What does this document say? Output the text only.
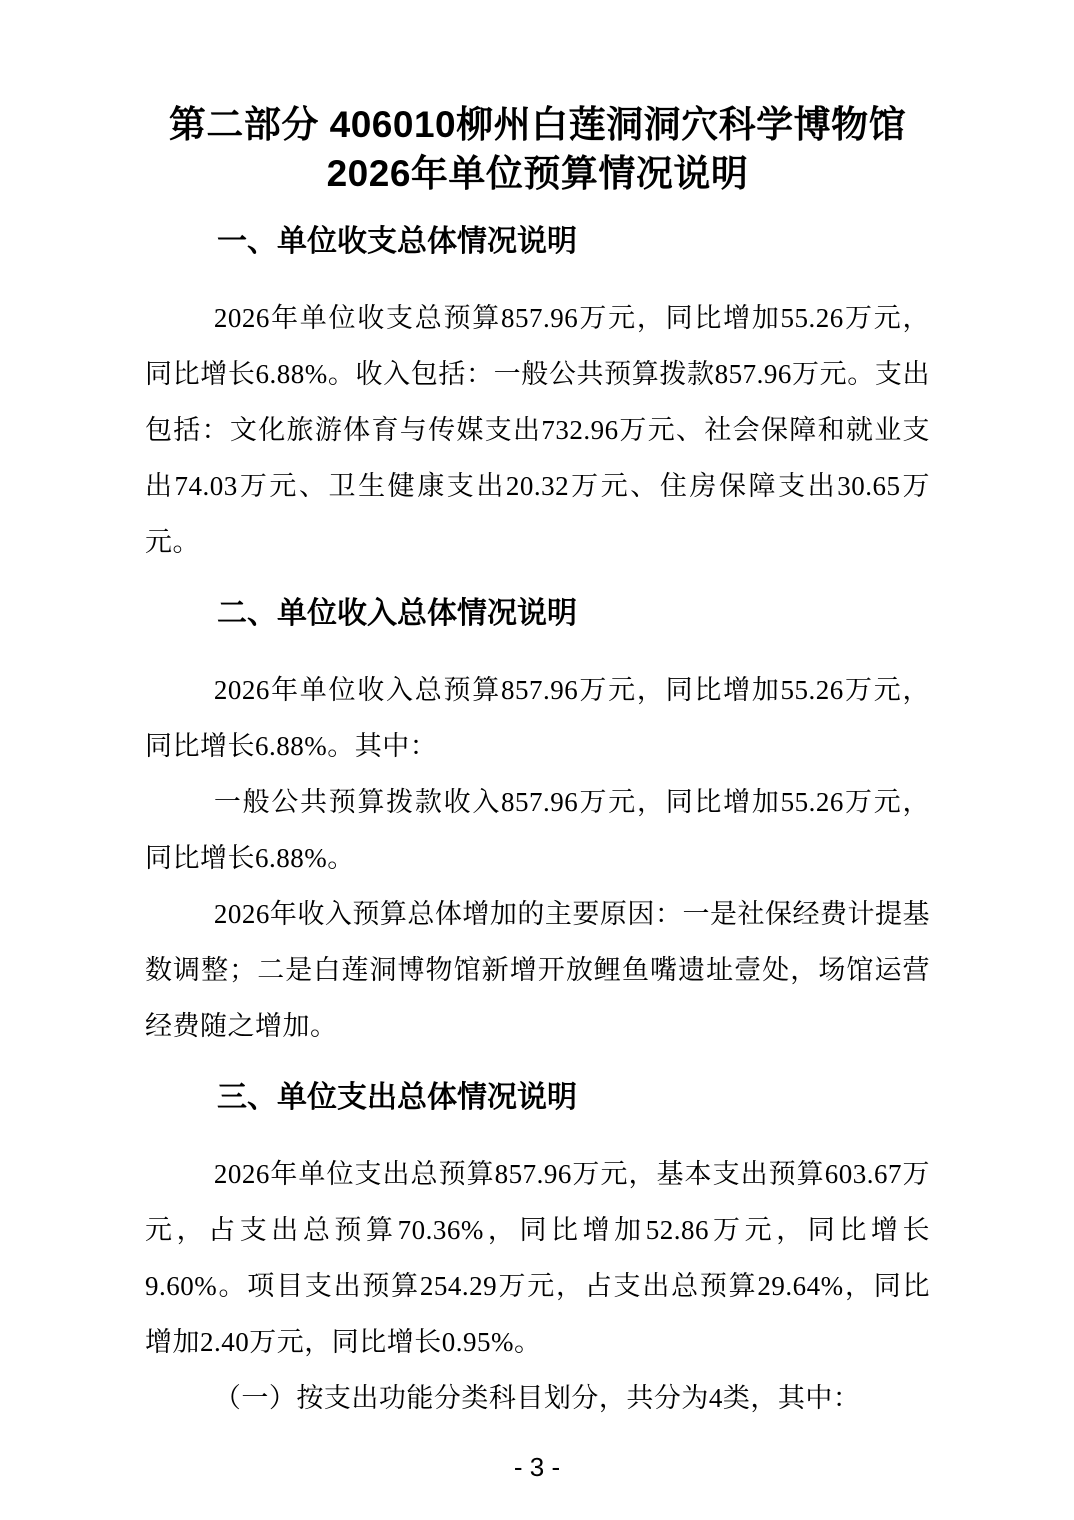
第二部分 406010柳州白莲洞洞穴科学博物馆2026年单位预算情况说明
一、单位收支总体情况说明

2026年单位收支总预算857.96万元，同比增加55.26万元，同比增长6.88%。收入包括：一般公共预算拨款857.96万元。支出包括：文化旅游体育与传媒支出732.96万元、社会保障和就业支出74.03万元、卫生健康支出20.32万元、住房保障支出30.65万元。

二、单位收入总体情况说明

2026年单位收入总预算857.96万元，同比增加55.26万元，同比增长6.88%。其中：

一般公共预算拨款收入857.96万元，同比增加55.26万元，同比增长6.88%。

2026年收入预算总体增加的主要原因：一是社保经费计提基数调整；二是白莲洞博物馆新增开放鲤鱼嘴遗址壹处，场馆运营经费随之增加。

三、单位支出总体情况说明

2026年单位支出总预算857.96万元，基本支出预算603.67万元，占支出总预算70.36%，同比增加52.86万元，同比增长9.60%。项目支出预算254.29万元，占支出总预算29.64%，同比增加2.40万元，同比增长0.95%。

（一）按支出功能分类科目划分，共分为4类，其中：

- 3 -
